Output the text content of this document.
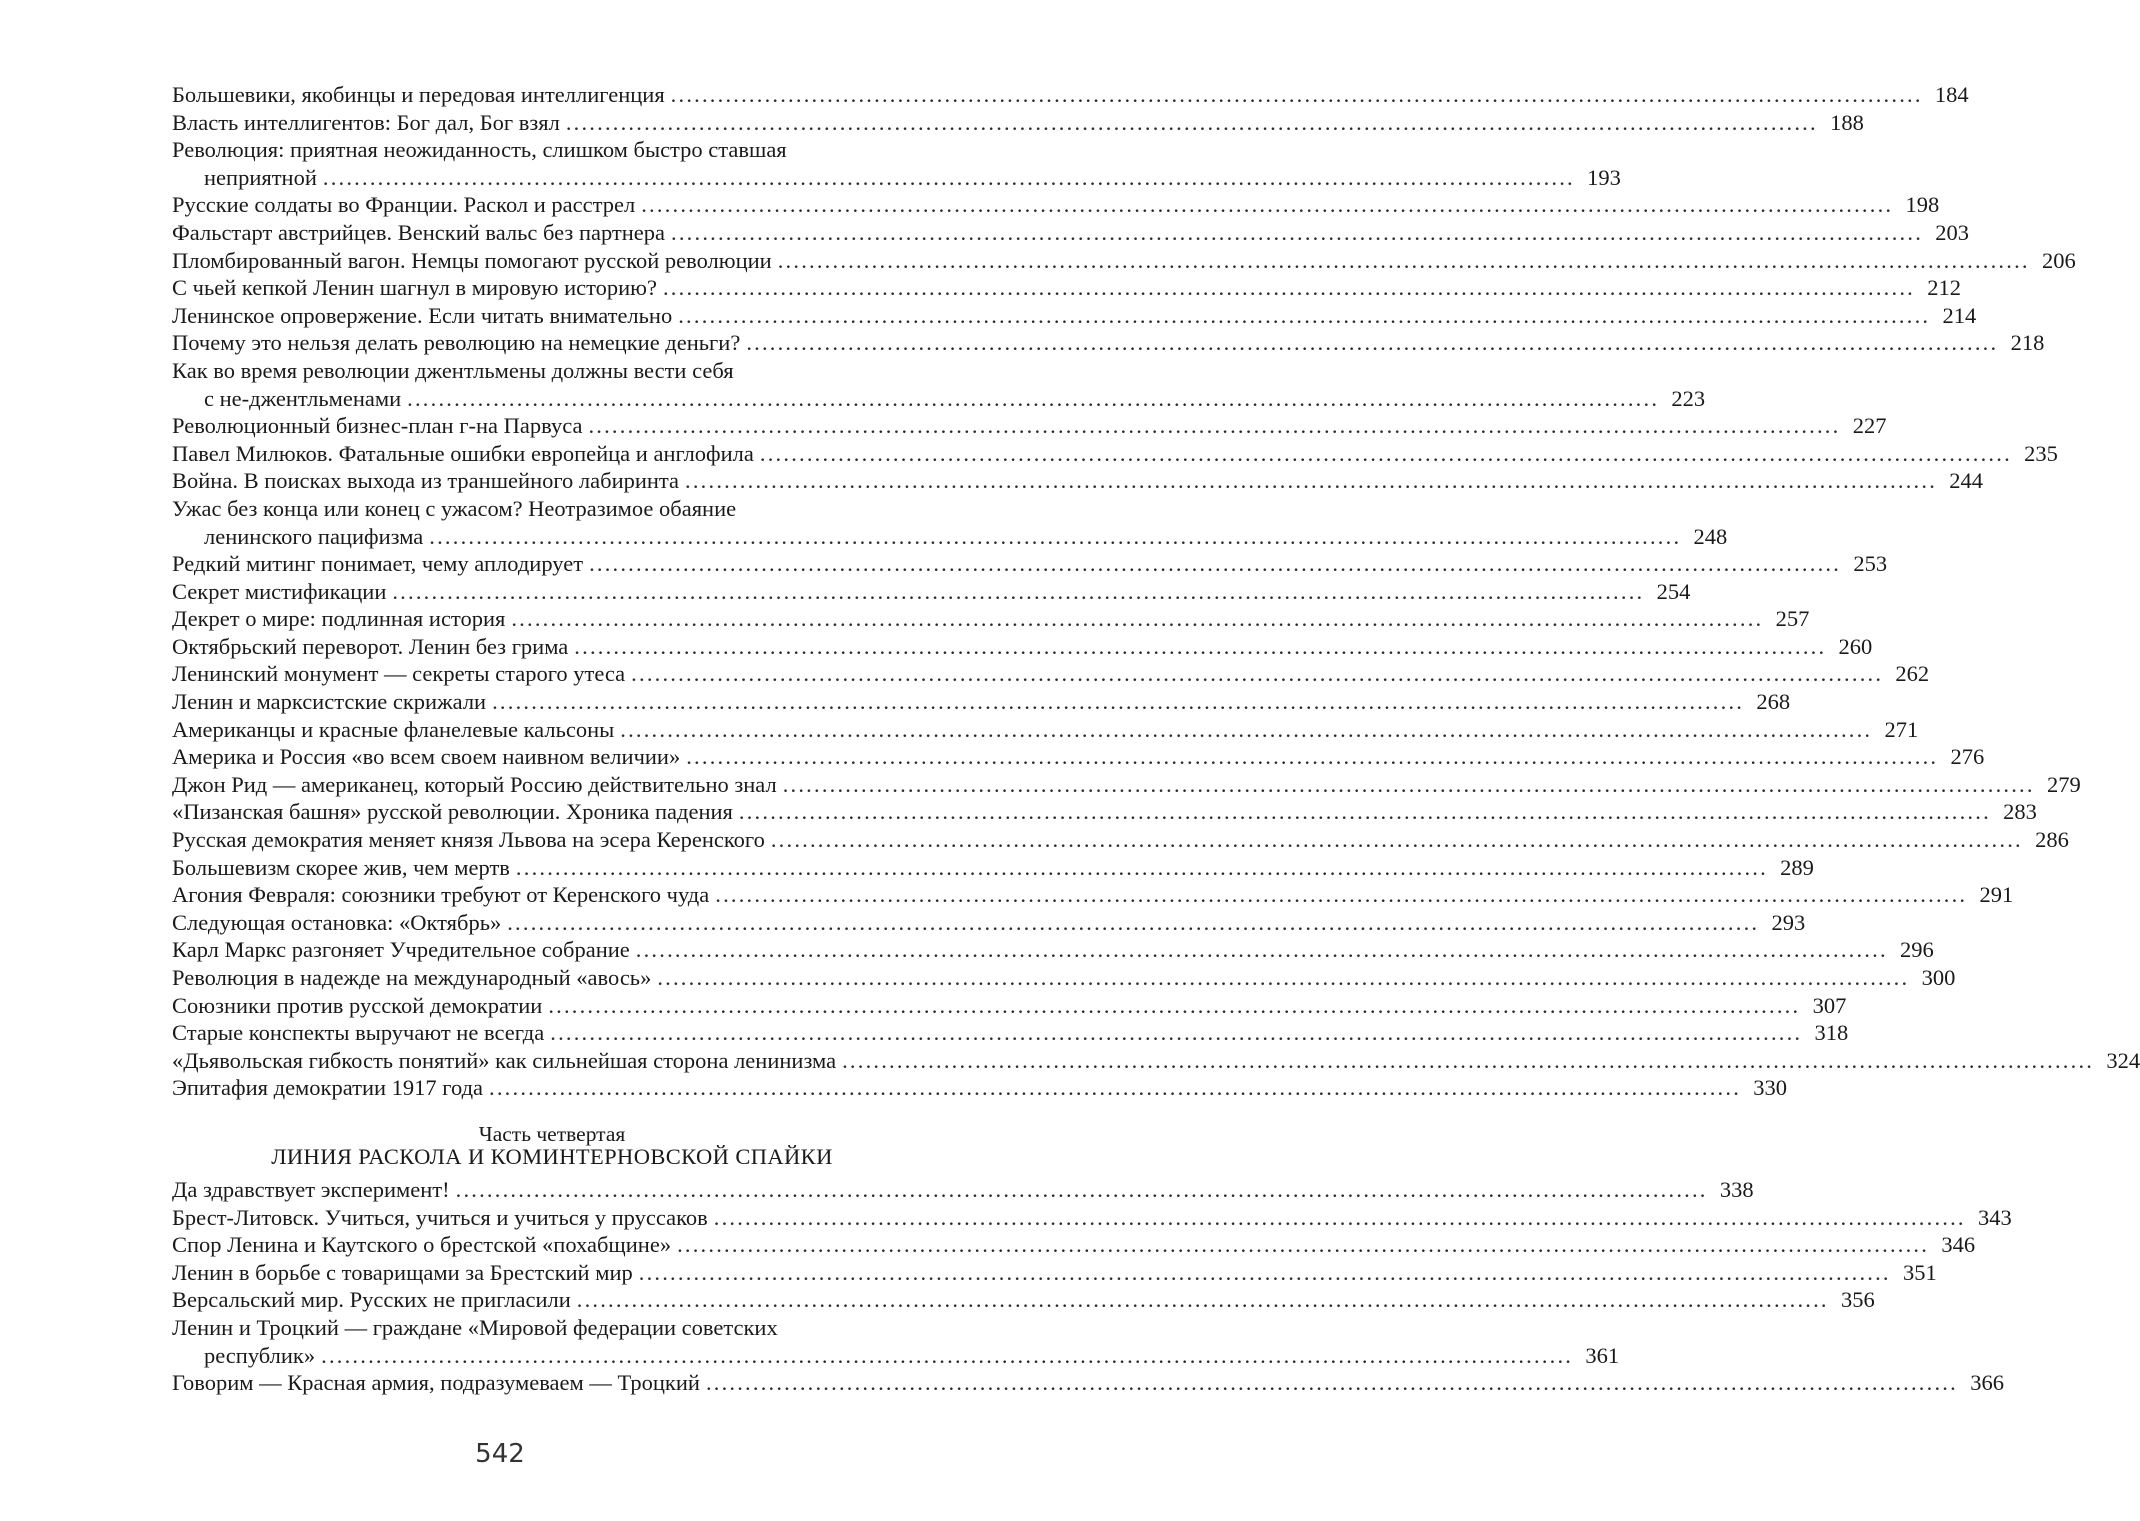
Большевики, якобинцы и передовая интеллигенция ................................................................................................................................................................ 184
Власть интеллигентов: Бог дал, Бог взял ................................................................................................................................................................ 188
Революция: приятная неожиданность, слишком быстро ставшая
неприятной ................................................................................................................................................................ 193
Русские солдаты во Франции. Раскол и расстрел ................................................................................................................................................................ 198
Фальстарт австрийцев. Венский вальс без партнера ................................................................................................................................................................ 203
Пломбированный вагон. Немцы помогают русской революции ................................................................................................................................................................ 206
С чьей кепкой Ленин шагнул в мировую историю? ................................................................................................................................................................ 212
Ленинское опровержение. Если читать внимательно ................................................................................................................................................................ 214
Почему это нельзя делать революцию на немецкие деньги? ................................................................................................................................................................ 218
Как во время революции джентльмены должны вести себя
с не-джентльменами ................................................................................................................................................................ 223
Революционный бизнес-план г-на Парвуса ................................................................................................................................................................ 227
Павел Милюков. Фатальные ошибки европейца и англофила ................................................................................................................................................................ 235
Война. В поисках выхода из траншейного лабиринта ................................................................................................................................................................ 244
Ужас без конца или конец с ужасом? Неотразимое обаяние
ленинского пацифизма ................................................................................................................................................................ 248
Редкий митинг понимает, чему аплодирует ................................................................................................................................................................ 253
Секрет мистификации ................................................................................................................................................................ 254
Декрет о мире: подлинная история ................................................................................................................................................................ 257
Октябрьский переворот. Ленин без грима ................................................................................................................................................................ 260
Ленинский монумент — секреты старого утеса ................................................................................................................................................................ 262
Ленин и марксистские скрижали ................................................................................................................................................................ 268
Американцы и красные фланелевые кальсоны ................................................................................................................................................................ 271
Америка и Россия «во всем своем наивном величии» ................................................................................................................................................................ 276
Джон Рид — американец, который Россию действительно знал ................................................................................................................................................................ 279
«Пизанская башня» русской революции. Хроника падения ................................................................................................................................................................ 283
Русская демократия меняет князя Львова на эсера Керенского ................................................................................................................................................................ 286
Большевизм скорее жив, чем мертв ................................................................................................................................................................ 289
Агония Февраля: союзники требуют от Керенского чуда ................................................................................................................................................................ 291
Следующая остановка: «Октябрь» ................................................................................................................................................................ 293
Карл Маркс разгоняет Учредительное собрание ................................................................................................................................................................ 296
Революция в надежде на международный «авось» ................................................................................................................................................................ 300
Союзники против русской демократии ................................................................................................................................................................ 307
Старые конспекты выручают не всегда ................................................................................................................................................................ 318
«Дьявольская гибкость понятий» как сильнейшая сторона ленинизма ................................................................................................................................................................ 324
Эпитафия демократии 1917 года ................................................................................................................................................................ 330
Часть четвертая
ЛИНИЯ РАСКОЛА И КОМИНТЕРНОВСКОЙ СПАЙКИ
Да здравствует эксперимент! ................................................................................................................................................................ 338
Брест-Литовск. Учиться, учиться и учиться у пруссаков ................................................................................................................................................................ 343
Спор Ленина и Каутского о брестской «похабщине» ................................................................................................................................................................ 346
Ленин в борьбе с товарищами за Брестский мир ................................................................................................................................................................ 351
Версальский мир. Русских не пригласили ................................................................................................................................................................ 356
Ленин и Троцкий — граждане «Мировой федерации советских
республик» ................................................................................................................................................................ 361
Говорим — Красная армия, подразумеваем — Троцкий ................................................................................................................................................................ 366
542
